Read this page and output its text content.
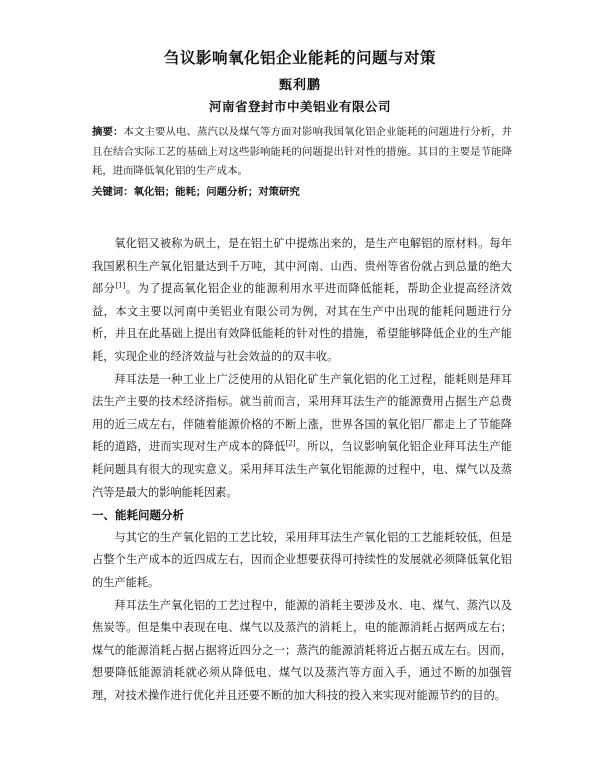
刍议影响氧化铝企业能耗的问题与对策
甄利鹏
河南省登封市中美铝业有限公司
摘要：本文主要从电、蒸汽以及煤气等方面对影响我国氧化铝企业能耗的问题进行分析，并且在结合实际工艺的基础上对这些影响能耗的问题提出针对性的措施。其目的主要是节能降耗，进而降低氧化铝的生产成本。
关键词：氧化铝；能耗；问题分析；对策研究

氧化铝又被称为矾土，是在铝土矿中提炼出来的，是生产电解铝的原材料。每年我国累积生产氧化铝量达到千万吨，其中河南、山西、贵州等省份就占到总量的绝大部分[1]。为了提高氧化铝企业的能源利用水平进而降低能耗，帮助企业提高经济效益，本文主要以河南中美铝业有限公司为例，对其在生产中出现的能耗问题进行分析，并且在此基础上提出有效降低能耗的针对性的措施，希望能够降低企业的生产能耗，实现企业的经济效益与社会效益的的双丰收。

拜耳法是一种工业上广泛使用的从铝化矿生产氧化铝的化工过程，能耗则是拜耳法生产主要的技术经济指标。就当前而言，采用拜耳法生产的能源费用占据生产总费用的近三成左右，伴随着能源价格的不断上涨，世界各国的氧化铝厂都走上了节能降耗的道路，进而实现对生产成本的降低[2]。所以，刍议影响氧化铝企业拜耳法生产能耗问题具有很大的现实意义。采用拜耳法生产氧化铝能源的过程中，电、煤气以及蒸汽等是最大的影响能耗因素。

一、能耗问题分析

与其它的生产氧化铝的工艺比较，采用拜耳法生产氧化铝的工艺能耗较低，但是占整个生产成本的近四成左右，因而企业想要获得可持续性的发展就必须降低氧化铝的生产能耗。

拜耳法生产氧化铝的工艺过程中，能源的消耗主要涉及水、电、煤气、蒸汽以及焦炭等。但是集中表现在电、煤气以及蒸汽的消耗上，电的能源消耗占据两成左右；煤气的能源消耗占据占据将近四分之一；蒸汽的能源消耗将近占据五成左右。因而，想要降低能源消耗就必须从降低电、煤气以及蒸汽等方面入手，通过不断的加强管理，对技术操作进行优化并且还要不断的加大科技的投入来实现对能源节约的目的。
